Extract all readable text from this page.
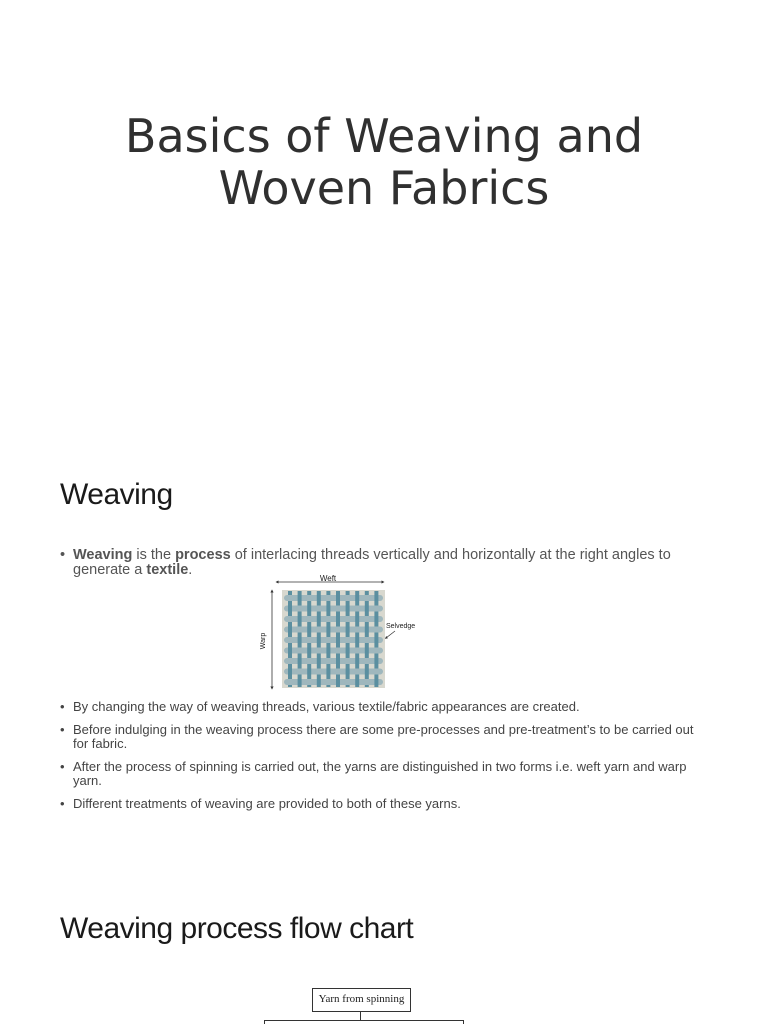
Basics of Weaving and
Woven Fabrics
Weaving
• Weaving is the process of interlacing threads vertically and horizontally at the right angles to
generate a textile.
Weft
Warp
Selvedge
• By changing the way of weaving threads, various textile/fabric appearances are created.
• Before indulging in the weaving process there are some pre-processes and pre-treatment’s to be carried out for fabric.
• After the process of spinning is carried out, the yarns are distinguished in two forms i.e. weft yarn and warp yarn.
• Different treatments of weaving are provided to both of these yarns.
Weaving process flow chart
Yarn from spinning
